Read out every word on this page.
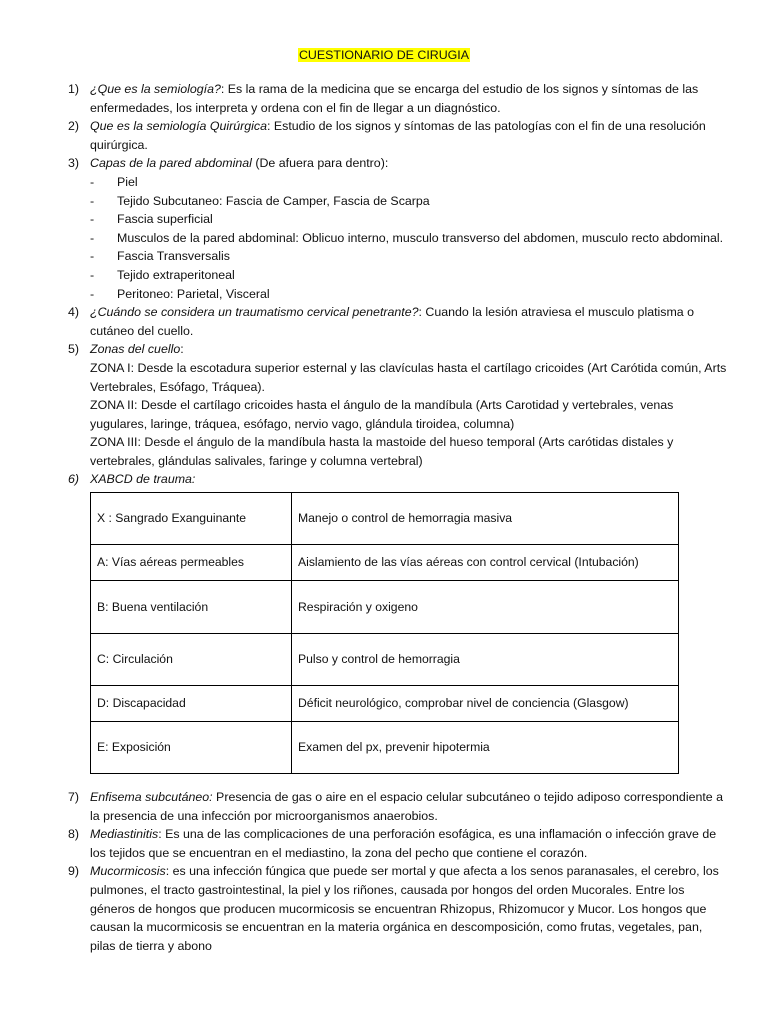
CUESTIONARIO DE CIRUGIA
1) ¿Que es la semiología?: Es la rama de la medicina que se encarga del estudio de los signos y síntomas de las enfermedades, los interpreta y ordena con el fin de llegar a un diagnóstico.
2) Que es la semiología Quirúrgica: Estudio de los signos y síntomas de las patologías con el fin de una resolución quirúrgica.
3) Capas de la pared abdominal (De afuera para dentro):
- Piel
- Tejido Subcutaneo: Fascia de Camper, Fascia de Scarpa
- Fascia superficial
- Musculos de la pared abdominal: Oblicuo interno, musculo transverso del abdomen, musculo recto abdominal.
- Fascia Transversalis
- Tejido extraperitoneal
- Peritoneo: Parietal, Visceral
4) ¿Cuándo se considera un traumatismo cervical penetrante?: Cuando la lesión atraviesa el musculo platisma o cutáneo del cuello.
5) Zonas del cuello:
ZONA I: Desde la escotadura superior esternal y las clavículas hasta el cartílago cricoides (Art Carótida común, Arts Vertebrales, Esófago, Tráquea).
ZONA II: Desde el cartílago cricoides hasta el ángulo de la mandíbula (Arts Carotidad y vertebrales, venas yugulares, laringe, tráquea, esófago, nervio vago, glándula tiroidea, columna)
ZONA III: Desde el ángulo de la mandíbula hasta la mastoide del hueso temporal (Arts carótidas distales y vertebrales, glándulas salivales, faringe y columna vertebral)
6) XABCD de trauma:
X : Sangrado Exanguinante	Manejo o control de hemorragia masiva
A: Vías aéreas permeables	Aislamiento de las vías aéreas con control cervical (Intubación)
B: Buena ventilación	Respiración y oxigeno
C: Circulación	Pulso y control de hemorragia
D: Discapacidad	Déficit neurológico, comprobar nivel de conciencia (Glasgow)
E: Exposición	Examen del px, prevenir hipotermia
7) Enfisema subcutáneo: Presencia de gas o aire en el espacio celular subcutáneo o tejido adiposo correspondiente a la presencia de una infección por microorganismos anaerobios.
8) Mediastinitis: Es una de las complicaciones de una perforación esofágica, es una inflamación o infección grave de los tejidos que se encuentran en el mediastino, la zona del pecho que contiene el corazón.
9) Mucormicosis: es una infección fúngica que puede ser mortal y que afecta a los senos paranasales, el cerebro, los pulmones, el tracto gastrointestinal, la piel y los riñones, causada por hongos del orden Mucorales. Entre los géneros de hongos que producen mucormicosis se encuentran Rhizopus, Rhizomucor y Mucor. Los hongos que causan la mucormicosis se encuentran en la materia orgánica en descomposición, como frutas, vegetales, pan, pilas de tierra y abono
